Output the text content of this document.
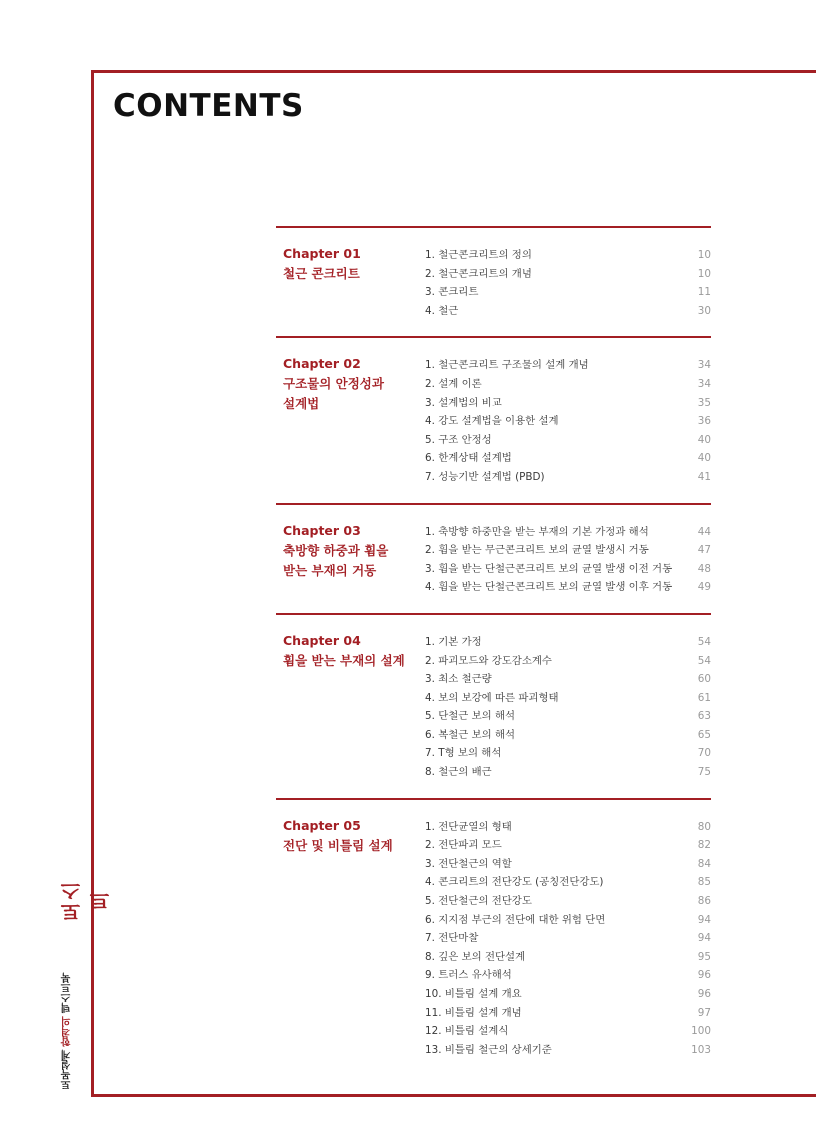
CONTENTS
Chapter 01
철근 콘크리트
1. 철근콘크리트의 정의	10
2. 철근콘크리트의 개념	10
3. 콘크리트	11
4. 철근	30
Chapter 02
구조물의 안정성과
설계법
1. 철근콘크리트 구조물의 설계 개념	34
2. 설계 이론	34
3. 설계법의 비교	35
4. 강도 설계법을 이용한 설계	36
5. 구조 안정성	40
6. 한계상태 설계법	40
7. 성능기반 설계법 (PBD)	41
Chapter 03
축방향 하중과 휨을
받는 부재의 거동
1. 축방향 하중만을 받는 부재의 기본 가정과 해석	44
2. 휨을 받는 무근콘크리트 보의 균열 발생시 거동	47
3. 휨을 받는 단철근콘크리트 보의 균열 발생 이전 거동	48
4. 휨을 받는 단철근콘크리트 보의 균열 발생 이후 거동	49
Chapter 04
휨을 받는 부재의 설계
1. 기본 가정	54
2. 파괴모드와 강도감소계수	54
3. 최소 철근량	60
4. 보의 보강에 따른 파괴형태	61
5. 단철근 보의 해석	63
6. 복철근 보의 해석	65
7. T형 보의 해석	70
8. 철근의 배근	75
Chapter 05
전단 및 비틀림 설계
1. 전단균열의 형태	80
2. 전단파괴 모드	82
3. 전단철근의 역할	84
4. 콘크리트의 전단강도 (공칭전단강도)	85
5. 전단철근의 전단강도	86
6. 지지점 부근의 전단에 대한 위험 단면	94
7. 전단마찰	94
8. 깊은 보의 전단설계	95
9. 트러스 유사해석	96
10. 비틀림 설계 개요	96
11. 비틀림 설계 개념	97
12. 비틀림 설계식	100
13. 비틀림 철근의 상세기준	103
토스트
토목설계 합격의 텍스트북
